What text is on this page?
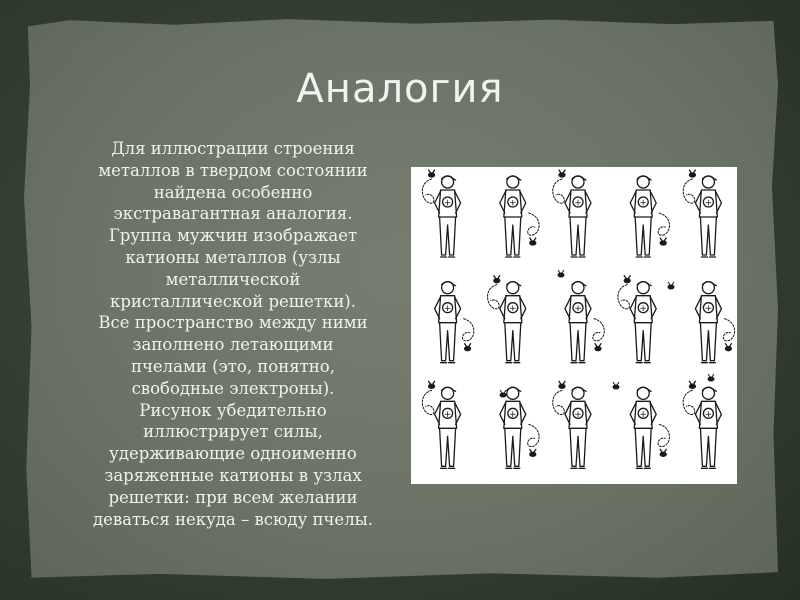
Аналогия
Для иллюстрации строения
металлов в твердом состоянии
найдена особенно
экстравагантная аналогия.
Группа мужчин изображает
катионы металлов (узлы
металлической
кристаллической решетки).
Все пространство между ними
заполнено летающими
пчелами (это, понятно,
свободные электроны).
Рисунок убедительно
иллюстрирует силы,
удерживающие одноименно
заряженные катионы в узлах
решетки: при всем желании
деваться некуда – всюду пчелы.
+	+	+	+	+
+	+	+	+	+
+	+	+	+	+
